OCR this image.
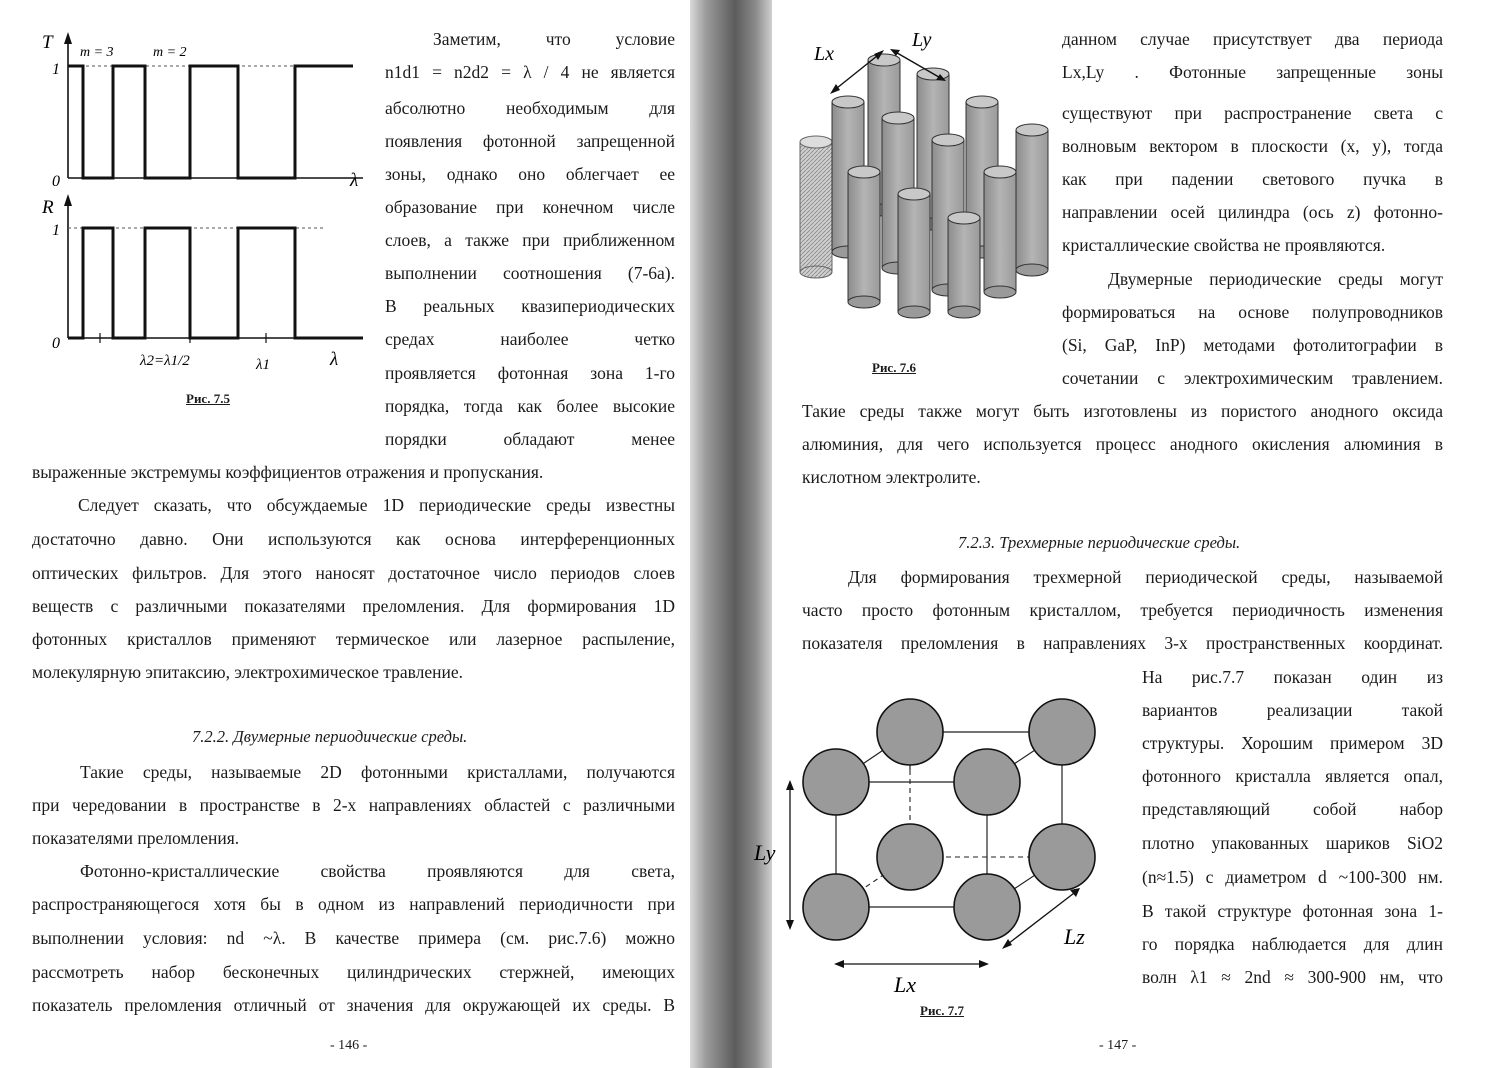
T
1
0
m = 3	m = 2
λ
R
1
0
λ2=λ1/2	λ1	λ
Рис. 7.5
Заметим, что условие
n1d1 = n2d2 = λ / 4 не является
абсолютно необходимым для
появления фотонной запрещенной
зоны, однако оно облегчает ее
образование при конечном числе
слоев, а также при приближенном
выполнении соотношения (7-6а).
В реальных квазипериодических
средах наиболее четко
проявляется фотонная зона 1-го
порядка, тогда как более высокие
порядки обладают менее
выраженные экстремумы коэффициентов отражения и пропускания.
Следует сказать, что обсуждаемые 1D периодические среды известны
достаточно давно. Они используются как основа интерференционных
оптических фильтров. Для этого наносят достаточное число периодов слоев
веществ с различными показателями преломления. Для формирования 1D
фотонных кристаллов применяют термическое или лазерное распыление,
молекулярную эпитаксию, электрохимическое травление.
7.2.2. Двумерные периодические среды.
Такие среды, называемые 2D фотонными кристаллами, получаются
при чередовании в пространстве в 2-х направлениях областей с различными
показателями преломления.
Фотонно-кристаллические свойства проявляются для света,
распространяющегося хотя бы в одном из направлений периодичности при
выполнении условия: nd ~λ. В качестве примера (см. рис.7.6) можно
рассмотреть набор бесконечных цилиндрических стержней, имеющих
показатель преломления отличный от значения для окружающей их среды. В
- 146 -
Lx
Ly
Рис. 7.6
данном случае присутствует два периода
Lx,Ly . Фотонные запрещенные зоны
существуют при распространение света с
волновым вектором в плоскости (x, y), тогда
как при падении светового пучка в
направлении осей цилиндра (ось z) фотонно-
кристаллические свойства не проявляются.
Двумерные периодические среды могут
формироваться на основе полупроводников
(Si, GaP, InP) методами фотолитографии в
сочетании с электрохимическим травлением.
Такие среды также могут быть изготовлены из пористого анодного оксида
алюминия, для чего используется процесс анодного окисления алюминия в
кислотном электролите.
7.2.3. Трехмерные периодические среды.
Для формирования трехмерной периодической среды, называемой
часто просто фотонным кристаллом, требуется периодичность изменения
показателя преломления в направлениях 3-х пространственных координат.
Ly
Lx
Lz
Рис. 7.7
На рис.7.7 показан один из
вариантов реализации такой
структуры. Хорошим примером 3D
фотонного кристалла является опал,
представляющий собой набор
плотно упакованных шариков SiO2
(n≈1.5) с диаметром d ~100-300 нм.
В такой структуре фотонная зона 1-
го порядка наблюдается для длин
волн λ1 ≈ 2nd ≈ 300-900 нм, что
- 147 -
